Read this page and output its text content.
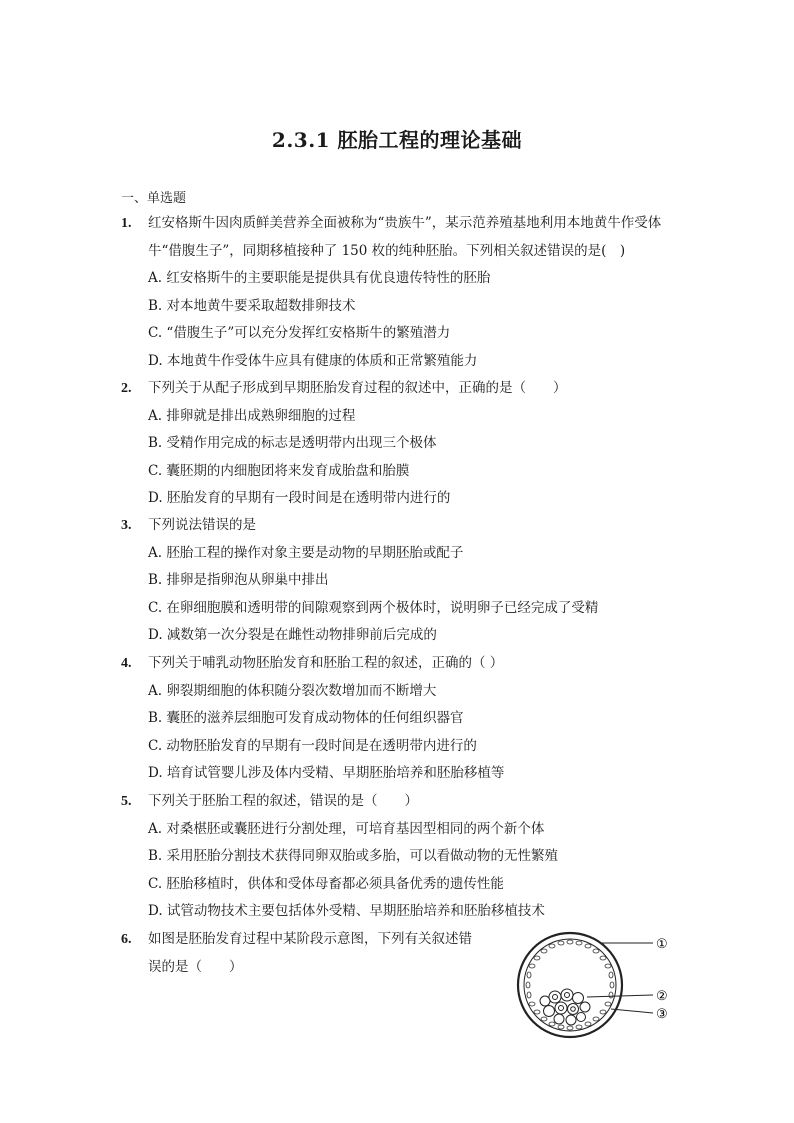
2.3.1 胚胎工程的理论基础
一、单选题
1. 红安格斯牛因肉质鲜美营养全面被称为“贵族牛”，某示范养殖基地利用本地黄牛作受体牛“借腹生子”，同期移植接种了 150 枚的纯种胚胎。下列相关叙述错误的是(　)
A. 红安格斯牛的主要职能是提供具有优良遗传特性的胚胎
B. 对本地黄牛要采取超数排卵技术
C. “借腹生子”可以充分发挥红安格斯牛的繁殖潜力
D. 本地黄牛作受体牛应具有健康的体质和正常繁殖能力
2. 下列关于从配子形成到早期胚胎发育过程的叙述中，正确的是（　　）
A. 排卵就是排出成熟卵细胞的过程
B. 受精作用完成的标志是透明带内出现三个极体
C. 囊胚期的内细胞团将来发育成胎盘和胎膜
D. 胚胎发育的早期有一段时间是在透明带内进行的
3. 下列说法错误的是
A. 胚胎工程的操作对象主要是动物的早期胚胎或配子
B. 排卵是指卵泡从卵巢中排出
C. 在卵细胞膜和透明带的间隙观察到两个极体时，说明卵子已经完成了受精
D. 减数第一次分裂是在雌性动物排卵前后完成的
4. 下列关于哺乳动物胚胎发育和胚胎工程的叙述，正确的（ ）
A. 卵裂期细胞的体积随分裂次数增加而不断增大
B. 囊胚的滋养层细胞可发育成动物体的任何组织器官
C. 动物胚胎发育的早期有一段时间是在透明带内进行的
D. 培育试管婴儿涉及体内受精、早期胚胎培养和胚胎移植等
5. 下列关于胚胎工程的叙述，错误的是（　　）
A. 对桑椹胚或囊胚进行分割处理，可培育基因型相同的两个新个体
B. 采用胚胎分割技术获得同卵双胎或多胎，可以看做动物的无性繁殖
C. 胚胎移植时，供体和受体母畜都必须具备优秀的遗传性能
D. 试管动物技术主要包括体外受精、早期胚胎培养和胚胎移植技术
6. 如图是胚胎发育过程中某阶段示意图，下列有关叙述错误的是（　　）
①
②
③
